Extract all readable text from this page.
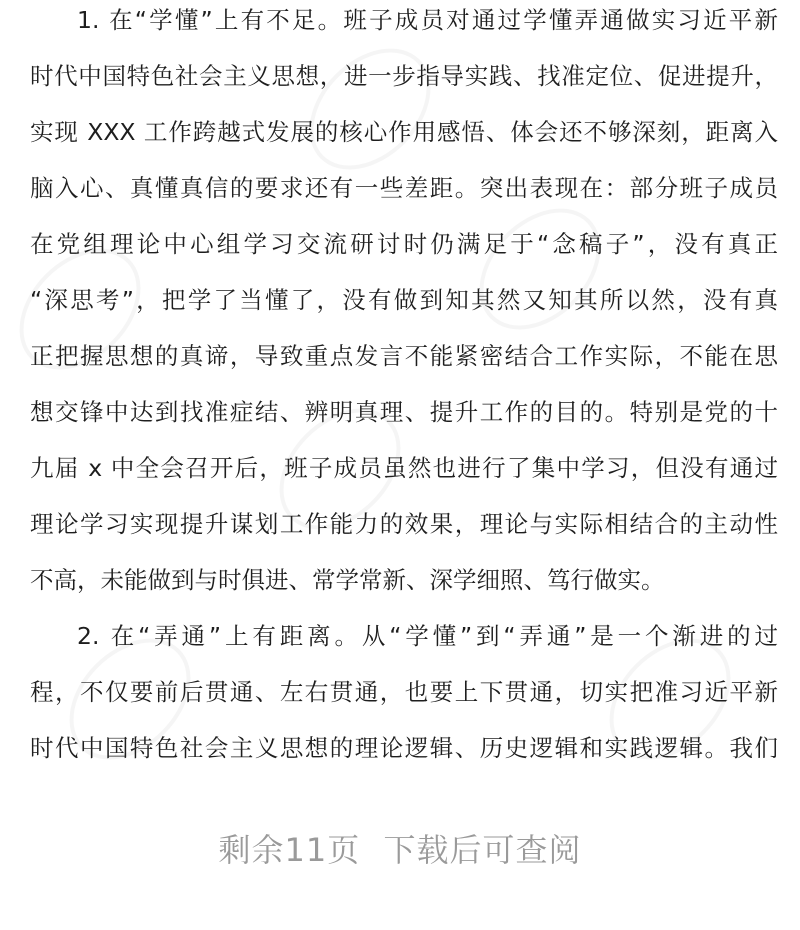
1. 在“学懂”上有不足。班子成员对通过学懂弄通做实习近平新
时代中国特色社会主义思想，进一步指导实践、找准定位、促进提升，
实现 XXX 工作跨越式发展的核心作用感悟、体会还不够深刻，距离入
脑入心、真懂真信的要求还有一些差距。突出表现在：部分班子成员
在党组理论中心组学习交流研讨时仍满足于“念稿子”，没有真正
“深思考”，把学了当懂了，没有做到知其然又知其所以然，没有真
正把握思想的真谛，导致重点发言不能紧密结合工作实际，不能在思
想交锋中达到找准症结、辨明真理、提升工作的目的。特别是党的十
九届 x 中全会召开后，班子成员虽然也进行了集中学习，但没有通过
理论学习实现提升谋划工作能力的效果，理论与实际相结合的主动性
不高，未能做到与时俱进、常学常新、深学细照、笃行做实。
2. 在“弄通”上有距离。从“学懂”到“弄通”是一个渐进的过
程，不仅要前后贯通、左右贯通，也要上下贯通，切实把准习近平新
时代中国特色社会主义思想的理论逻辑、历史逻辑和实践逻辑。我们
剩余11页 下载后可查阅
